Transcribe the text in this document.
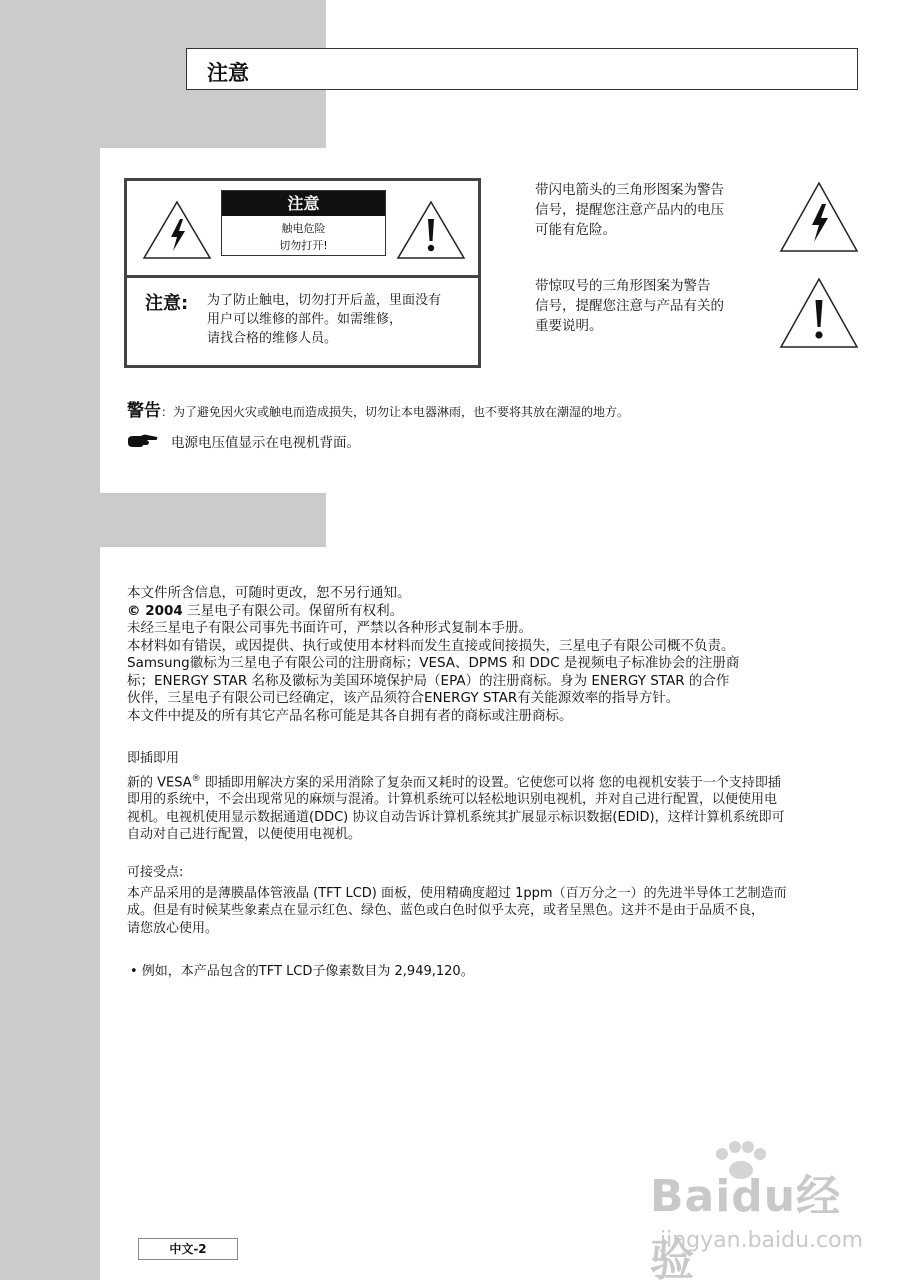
注意
注意
触电危险
切勿打开!
注意: 为了防止触电，切勿打开后盖，里面没有
用户可以维修的部件。如需维修，
请找合格的维修人员。
带闪电箭头的三角形图案为警告
信号，提醒您注意产品内的电压
可能有危险。
带惊叹号的三角形图案为警告
信号，提醒您注意与产品有关的
重要说明。
警告：为了避免因火灾或触电而造成损失，切勿让本电器淋雨，也不要将其放在潮湿的地方。
电源电压值显示在电视机背面。

本文件所含信息，可随时更改，恕不另行通知。

© 2004 三星电子有限公司。保留所有权利。

未经三星电子有限公司事先书面许可，严禁以各种形式复制本手册。

本材料如有错误，或因提供、执行或使用本材料而发生直接或间接损失，三星电子有限公司概不负责。

Samsung徽标为三星电子有限公司的注册商标；VESA、DPMS 和 DDC 是视频电子标准协会的注册商

标；ENERGY STAR 名称及徽标为美国环境保护局（EPA）的注册商标。身为 ENERGY STAR 的合作

伙伴，三星电子有限公司已经确定，该产品须符合ENERGY STAR有关能源效率的指导方针。

本文件中提及的所有其它产品名称可能是其各自拥有者的商标或注册商标。

即插即用

新的 VESA® 即插即用解决方案的采用消除了复杂而又耗时的设置。它使您可以将 您的电视机安装于一个支持即插

即用的系统中，不会出现常见的麻烦与混淆。计算机系统可以轻松地识别电视机，并对自己进行配置，以便使用电

视机。电视机使用显示数据通道(DDC) 协议自动告诉计算机系统其扩展显示标识数据(EDID)，这样计算机系统即可

自动对自己进行配置，以便使用电视机。

可接受点:

本产品采用的是薄膜晶体管液晶 (TFT LCD) 面板，使用精确度超过 1ppm（百万分之一）的先进半导体工艺制造而

成。但是有时候某些象素点在显示红色、绿色、蓝色或白色时似乎太亮，或者呈黑色。这并不是由于品质不良，

请您放心使用。

• 例如，本产品包含的TFT LCD子像素数目为 2,949,120。
中文-2
Baidu经验
jingyan.baidu.com
